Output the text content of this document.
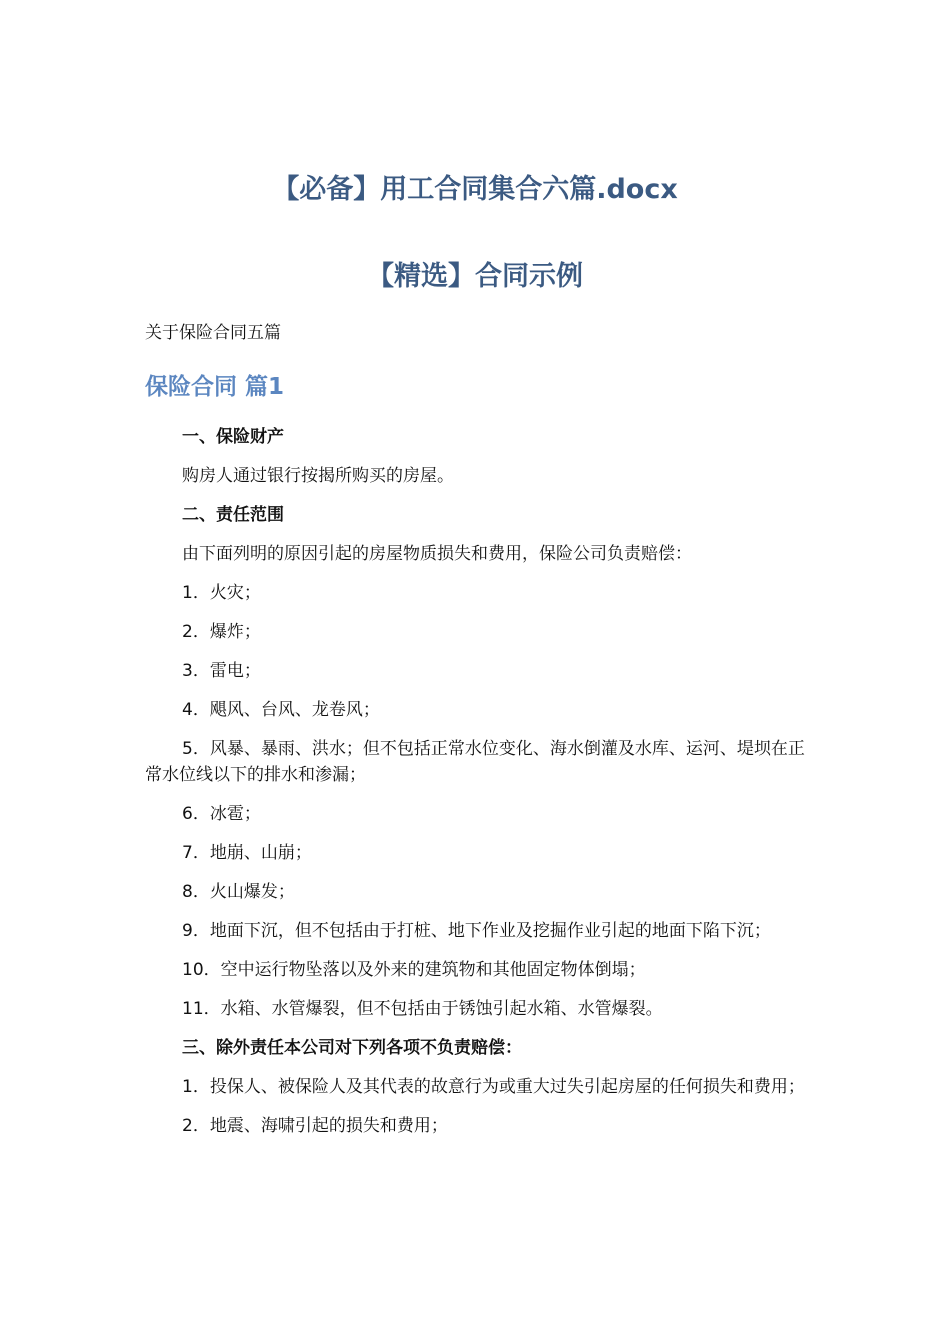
【必备】用工合同集合六篇.docx
【精选】合同示例

关于保险合同五篇

保险合同 篇1

一、保险财产

购房人通过银行按揭所购买的房屋。

二、责任范围

由下面列明的原因引起的房屋物质损失和费用，保险公司负责赔偿：

1．火灾；

2．爆炸；

3．雷电；

4．飓风、台风、龙卷风；

5．风暴、暴雨、洪水；但不包括正常水位变化、海水倒灌及水库、运河、堤坝在正常水位线以下的排水和渗漏；

6．冰雹；

7．地崩、山崩；

8．火山爆发；

9．地面下沉，但不包括由于打桩、地下作业及挖掘作业引起的地面下陷下沉；

10．空中运行物坠落以及外来的建筑物和其他固定物体倒塌；

11．水箱、水管爆裂，但不包括由于锈蚀引起水箱、水管爆裂。

三、除外责任本公司对下列各项不负责赔偿：

1．投保人、被保险人及其代表的故意行为或重大过失引起房屋的任何损失和费用；

2．地震、海啸引起的损失和费用；
